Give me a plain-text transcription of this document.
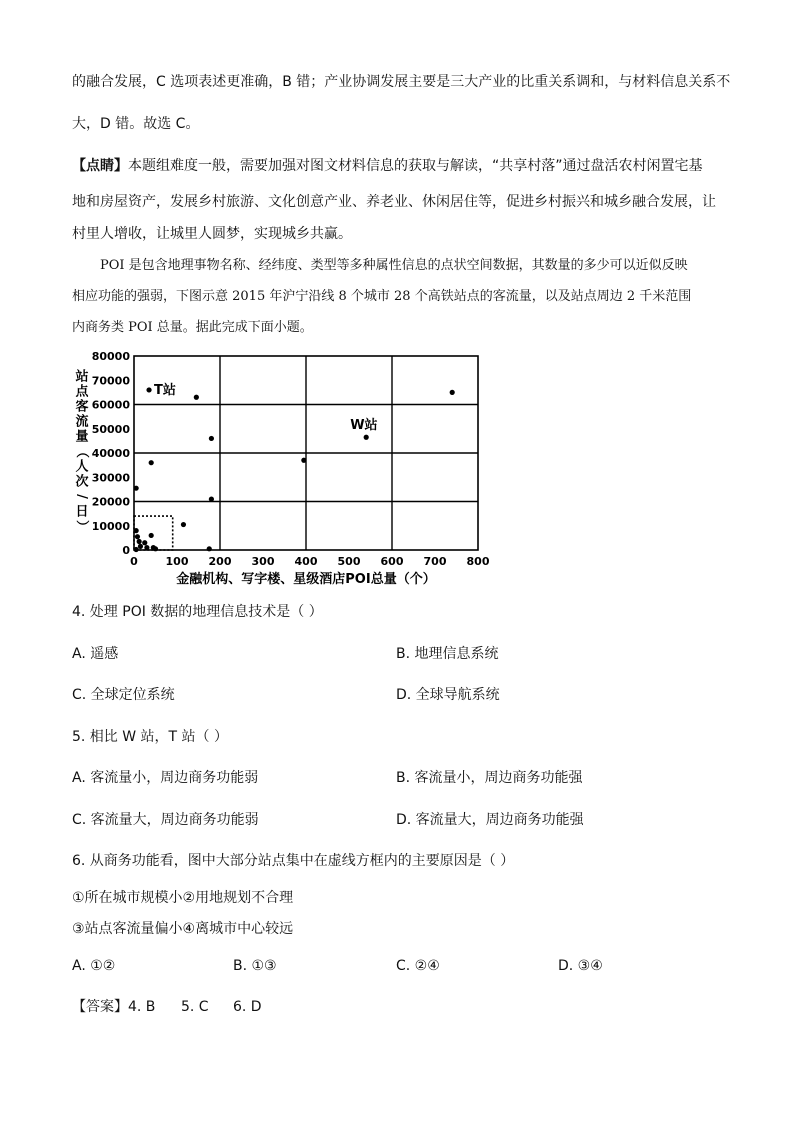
的融合发展，C 选项表述更准确，B 错；产业协调发展主要是三大产业的比重关系调和，与材料信息关系不
大，D 错。故选 C。
【点睛】本题组难度一般，需要加强对图文材料信息的获取与解读，“共享村落”通过盘活农村闲置宅基
地和房屋资产，发展乡村旅游、文化创意产业、养老业、休闲居住等，促进乡村振兴和城乡融合发展，让
村里人增收，让城里人圆梦，实现城乡共赢。
POI 是包含地理事物名称、经纬度、类型等多种属性信息的点状空间数据，其数量的多少可以近似反映
相应功能的强弱，下图示意 2015 年沪宁沿线 8 个城市 28 个高铁站点的客流量，以及站点周边 2 千米范围
内商务类 POI 总量。据此完成下面小题。
0	100 200 300 400 500 600 700 800
0
10000
20000
30000
40000
50000
60000
70000
80000
T站
W站
金融机构、写字楼、星级酒店POI总量（个）
站
点
客
流
量
（
人
次
/
日
）
4. 处理 POI 数据的地理信息技术是（ ）
A. 遥感	B. 地理信息系统
C. 全球定位系统	D. 全球导航系统
5. 相比 W 站，T 站（ ）
A. 客流量小，周边商务功能弱	B. 客流量小，周边商务功能强
C. 客流量大，周边商务功能弱	D. 客流量大，周边商务功能强
6. 从商务功能看，图中大部分站点集中在虚线方框内的主要原因是（ ）
①所在城市规模小②用地规划不合理
③站点客流量偏小④离城市中心较远
A. ①②	B. ①③	C. ②④	D. ③④
【答案】 4. B 5. C 6. D
